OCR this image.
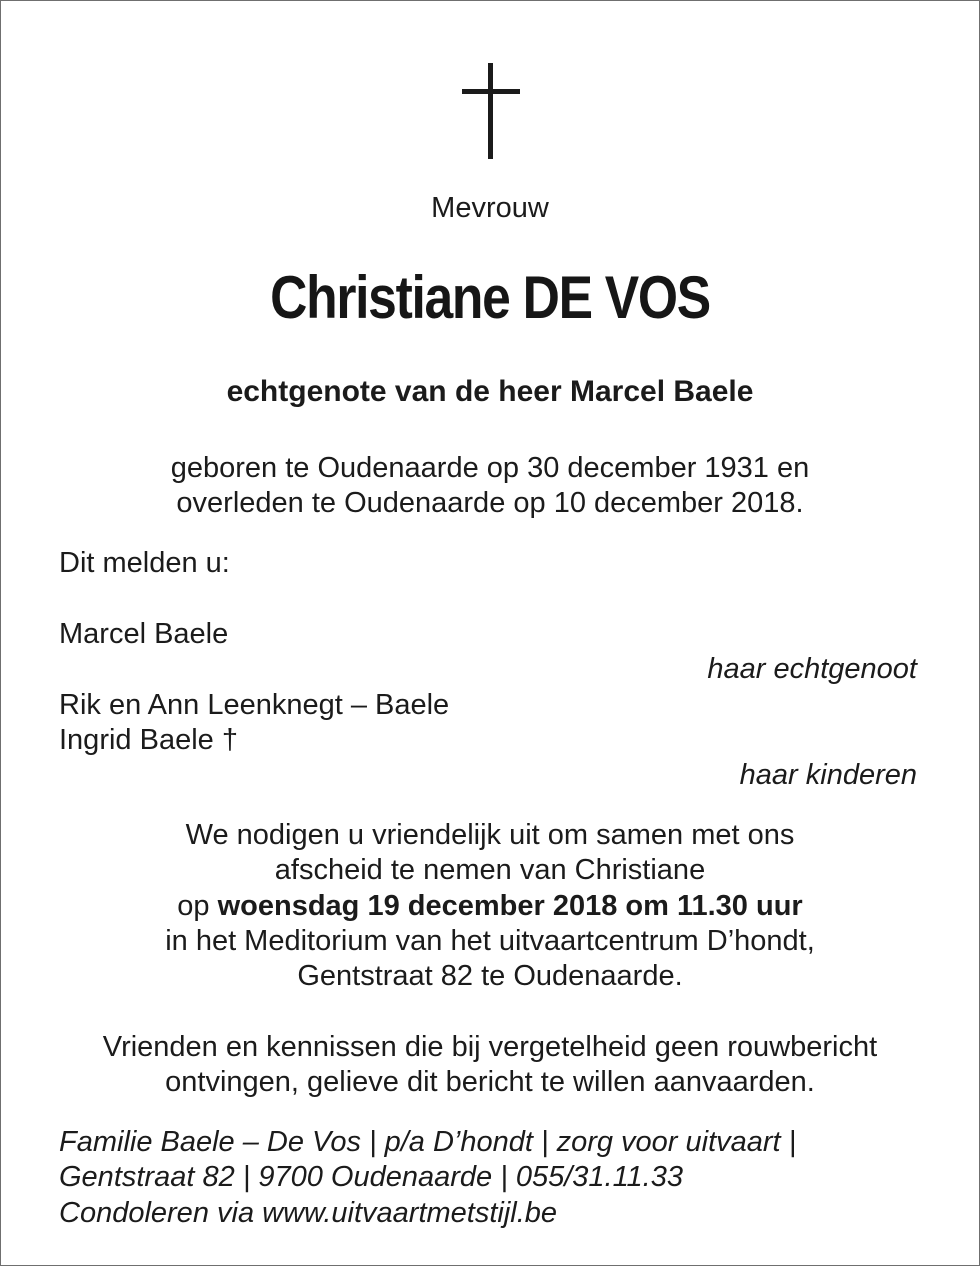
Mevrouw
Christiane DE VOS
echtgenote van de heer Marcel Baele
geboren te Oudenaarde op 30 december 1931 en
overleden te Oudenaarde op 10 december 2018.
Dit melden u:
Marcel Baele
haar echtgenoot
Rik en Ann Leenknegt – Baele
Ingrid Baele †
haar kinderen
We nodigen u vriendelijk uit om samen met ons
afscheid te nemen van Christiane
op woensdag 19 december 2018 om 11.30 uur
in het Meditorium van het uitvaartcentrum D’hondt,
Gentstraat 82 te Oudenaarde.
Vrienden en kennissen die bij vergetelheid geen rouwbericht
ontvingen, gelieve dit bericht te willen aanvaarden.
Familie Baele – De Vos | p/a D’hondt | zorg voor uitvaart |
Gentstraat 82 | 9700 Oudenaarde | 055/31.11.33
Condoleren via www.uitvaartmetstijl.be
